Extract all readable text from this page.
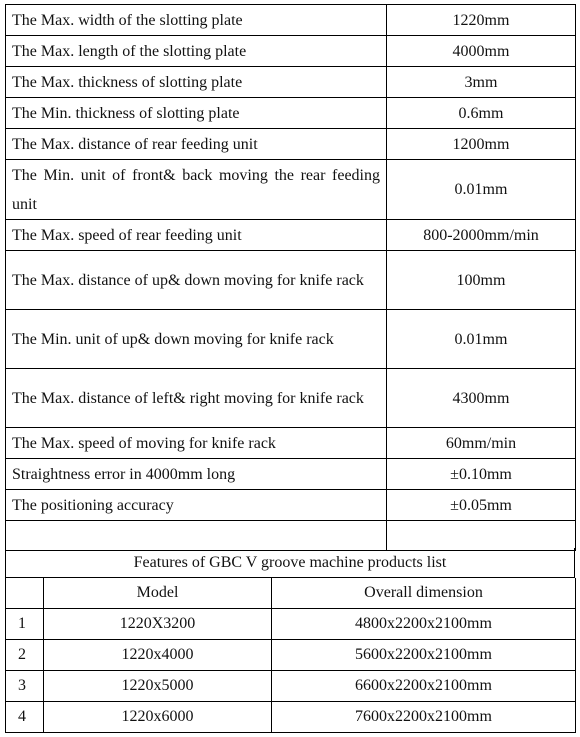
The Max. width of the slotting plate	1220mm
The Max. length of the slotting plate	4000mm
The Max. thickness of slotting plate	3mm
The Min. thickness of slotting plate	0.6mm
The Max. distance of rear feeding unit	1200mm
The Min. unit of front& back moving the rear feeding unit	0.01mm
The Max. speed of rear feeding unit	800-2000mm/min
The Max. distance of up& down moving for knife rack	100mm
The Min. unit of up& down moving for knife rack	0.01mm
The Max. distance of left& right moving for knife rack	4300mm
The Max. speed of moving for knife rack	60mm/min
Straightness error in 4000mm long	±0.10mm
The positioning accuracy	±0.05mm

Features of GBC V groove machine products list
	Model	Overall dimension
1	1220X3200	4800x2200x2100mm
2	1220x4000	5600x2200x2100mm
3	1220x5000	6600x2200x2100mm
4	1220x6000	7600x2200x2100mm
